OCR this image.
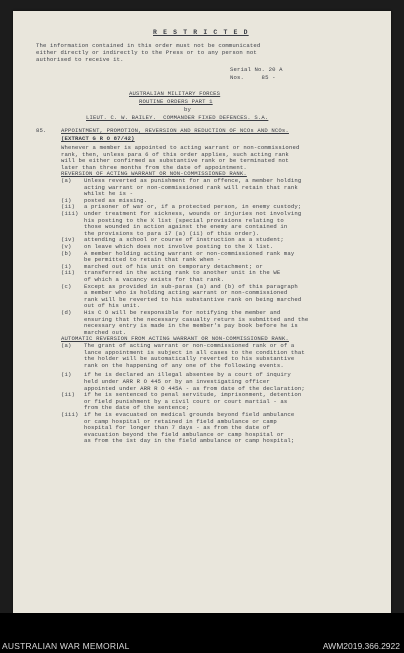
R E S T R I C T E D
The information contained in this order must not be communicated
either directly or indirectly to the Press or to any person not
authorised to receive it.
Serial No. 20 A
Nos.     85 -
AUSTRALIAN MILITARY FORCES
ROUTINE ORDERS PART 1
by
LIEUT. C. W. BAILEY.  COMMANDER FIXED DEFENCES. S.A.
85.	APPOINTMENT, PROMOTION, REVERSION AND REDUCTION OF NCOs AND NCOs.
(EXTRACT G R O 87/42)
Whenever a member is appointed to acting warrant or non-commissioned
rank, then, unless para 6 of this order applies, such acting rank
will be either confirmed as substantive rank or be terminated not
later than three months from the date of appointment.
REVERSION OF ACTING WARRANT OR NON-COMMISSIONED RANK.
(a) Unless reverted as punishment for an offence, a member holding
acting warrant or non-commissioned rank will retain that rank
whilst he is -
(i) posted as missing.
(ii) a prisoner of war or, if a protected person, in enemy custody;
(iii) under treatment for sickness, wounds or injuries not involving
his posting to the X list (special provisions relating to
those wounded in action against the enemy are contained in
the provisions to para 17 (a) (ii) of this order).
(iv) attending a school or course of instruction as a student;
(v) on leave which does not involve posting to the X list.
(b) A member holding acting warrant or non-commissioned rank may
be permitted to retain that rank when -
(i) marched out of his unit on temporary detachment; or
(ii) transferred in the acting rank to another unit in the WE
of which a vacancy exists for that rank.
(c) Except as provided in sub-paras (a) and (b) of this paragraph
a member who is holding acting warrant or non-commissioned
rank will be reverted to his substantive rank on being marched
out of his unit.
(d) His C O will be responsible for notifying the member and
ensuring that the necessary casualty return is submitted and the
necessary entry is made in the member's pay book before he is
marched out.
AUTOMATIC REVERSION FROM ACTING WARRANT OR NON-COMMISSIONED RANK.
(a) The grant of acting warrant or non-commissioned rank or of a
lance appointment is subject in all cases to the condition that
the holder will be automatically reverted to his substantive
rank on the happening of any one of the following events.
(i) if he is declared an illegal absentee by a court of inquiry
held under ARR R O 445 or by an investigating officer
appointed under ARR R O 445A - as from date of the declaration;
(ii) if he is sentenced to penal servitude, imprisonment, detention
or field punishment by a civil court or court martial - as
from the date of the sentence;
(iii) if he is evacuated on medical grounds beyond field ambulance
or camp hospital or retained in field ambulance or camp
hospital for longer than 7 days - as from the date of
evacuation beyond the field ambulance or camp hospital or
as from the 1st day in the field ambulance or camp hospital;
AUSTRALIAN WAR MEMORIAL	AWM2019.366.2922
